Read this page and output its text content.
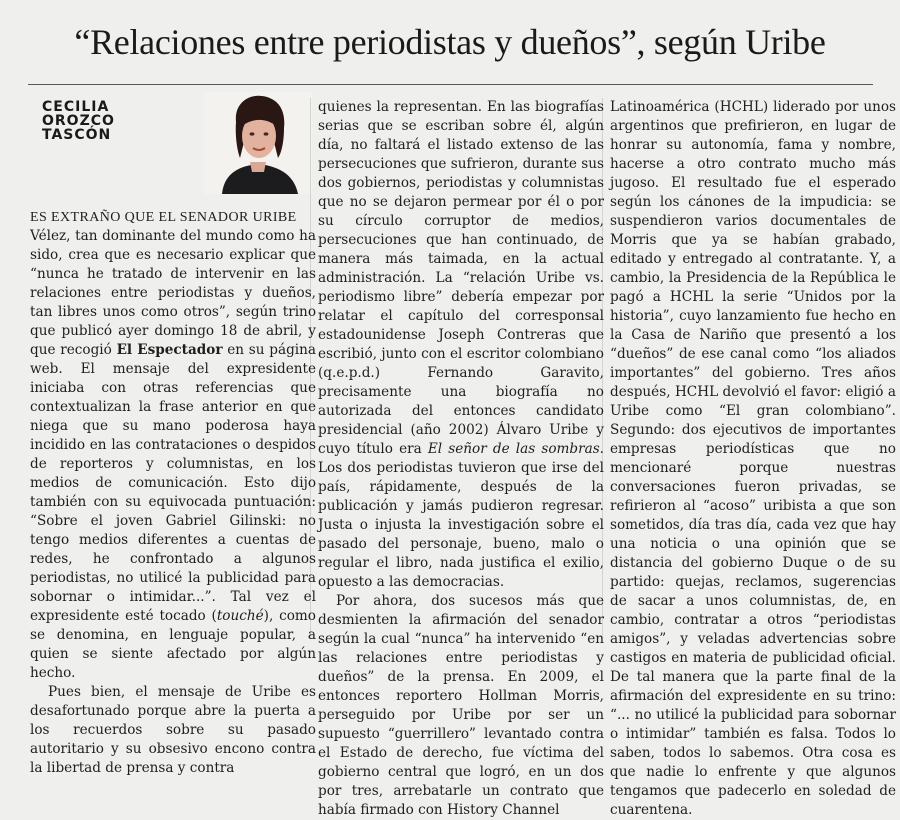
“Relaciones entre periodistas y dueños”, según Uribe
CECILIA
OROZCO
TASCÓN
ES EXTRAÑO QUE EL SENADOR URIBE

Vélez, tan dominante del mundo como ha sido, crea que es necesario explicar que “nunca he tratado de intervenir en las relaciones entre periodistas y dueños, tan libres unos como otros”, según trino que publicó ayer domingo 18 de abril, y que recogió El Espectador en su página web. El mensaje del expresidente iniciaba con otras referencias que contextualizan la frase anterior en que niega que su mano poderosa haya incidido en las contrataciones o despidos de reporteros y columnistas, en los medios de comunicación. Esto dijo también con su equivocada puntuación: “Sobre el joven Gabriel Gilinski: no tengo medios diferentes a cuentas de redes, he confrontado a algunos periodistas, no utilicé la publicidad para sobornar o intimidar...”. Tal vez el expresidente esté tocado (touché), como se denomina, en lenguaje popular, a quien se siente afectado por algún hecho.

Pues bien, el mensaje de Uribe es desafortunado porque abre la puerta a los recuerdos sobre su pasado autoritario y su obsesivo encono contra la libertad de prensa y contra

quienes la representan. En las biografías serias que se escriban sobre él, algún día, no faltará el listado extenso de las persecuciones que sufrieron, durante sus dos gobiernos, periodistas y columnistas que no se dejaron permear por él o por su círculo corruptor de medios, persecuciones que han continuado, de manera más taimada, en la actual administración. La “relación Uribe vs. periodismo libre” debería empezar por relatar el capítulo del corresponsal estadounidense Joseph Contreras que escribió, junto con el escritor colombiano (q.e.p.d.) Fernando Garavito, precisamente una biografía no autorizada del entonces candidato presidencial (año 2002) Álvaro Uribe y cuyo título era El señor de las sombras. Los dos periodistas tuvieron que irse del país, rápidamente, después de la publicación y jamás pudieron regresar. Justa o injusta la investigación sobre el pasado del personaje, bueno, malo o regular el libro, nada justifica el exilio, opuesto a las democracias.

Por ahora, dos sucesos más que desmienten la afirmación del senador según la cual “nunca” ha intervenido “en las relaciones entre periodistas y dueños” de la prensa. En 2009, el entonces reportero Hollman Morris, perseguido por Uribe por ser un supuesto “guerrillero” levantado contra el Estado de derecho, fue víctima del gobierno central que logró, en un dos por tres, arrebatarle un contrato que había firmado con History Channel

Latinoamérica (HCHL) liderado por unos argentinos que prefirieron, en lugar de honrar su autonomía, fama y nombre, hacerse a otro contrato mucho más jugoso. El resultado fue el esperado según los cánones de la impudicia: se suspendieron varios documentales de Morris que ya se habían grabado, editado y entregado al contratante. Y, a cambio, la Presidencia de la República le pagó a HCHL la serie “Unidos por la historia”, cuyo lanzamiento fue hecho en la Casa de Nariño que presentó a los “dueños” de ese canal como “los aliados importantes” del gobierno. Tres años después, HCHL devolvió el favor: eligió a Uribe como “El gran colombiano”. Segundo: dos ejecutivos de importantes empresas periodísticas que no mencionaré porque nuestras conversaciones fueron privadas, se refirieron al “acoso” uribista a que son sometidos, día tras día, cada vez que hay una noticia o una opinión que se distancia del gobierno Duque o de su partido: quejas, reclamos, sugerencias de sacar a unos columnistas, de, en cambio, contratar a otros “periodistas amigos”, y veladas advertencias sobre castigos en materia de publicidad oficial. De tal manera que la parte final de la afirmación del expresidente en su trino: “... no utilicé la publicidad para sobornar o intimidar” también es falsa. Todos lo saben, todos lo sabemos. Otra cosa es que nadie lo enfrente y que algunos tengamos que padecerlo en soledad de cuarentena.
